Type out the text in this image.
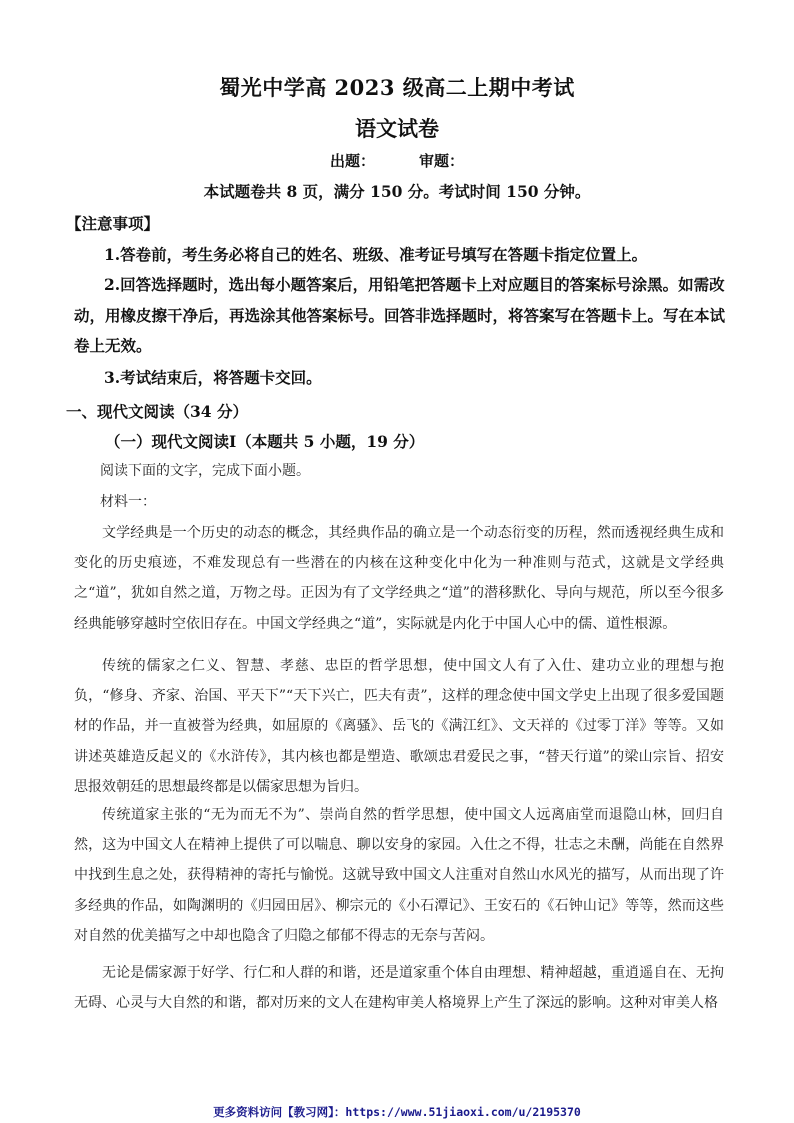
蜀光中学高 2023 级高二上期中考试
语文试卷
出题：	审题：
本试题卷共 8 页，满分 150 分。考试时间 150 分钟。
【注意事项】
1.答卷前，考生务必将自己的姓名、班级、准考证号填写在答题卡指定位置上。
2.回答选择题时，选出每小题答案后，用铅笔把答题卡上对应题目的答案标号涂黑。如需改动，用橡皮擦干净后，再选涂其他答案标号。回答非选择题时，将答案写在答题卡上。写在本试卷上无效。
3.考试结束后，将答题卡交回。
一、现代文阅读（34 分）
（一）现代文阅读Ⅰ（本题共 5 小题，19 分）
阅读下面的文字，完成下面小题。
材料一：
文学经典是一个历史的动态的概念，其经典作品的确立是一个动态衍变的历程，然而透视经典生成和变化的历史痕迹，不难发现总有一些潜在的内核在这种变化中化为一种准则与范式，这就是文学经典之“道”，犹如自然之道，万物之母。正因为有了文学经典之“道”的潜移默化、导向与规范，所以至今很多经典能够穿越时空依旧存在。中国文学经典之“道”，实际就是内化于中国人心中的儒、道性根源。
传统的儒家之仁义、智慧、孝慈、忠臣的哲学思想，使中国文人有了入仕、建功立业的理想与抱负，“修身、齐家、治国、平天下”“天下兴亡，匹夫有责”，这样的理念使中国文学史上出现了很多爱国题材的作品，并一直被誉为经典，如屈原的《离骚》、岳飞的《满江红》、文天祥的《过零丁洋》等等。又如讲述英雄造反起义的《水浒传》，其内核也都是塑造、歌颂忠君爱民之事，“替天行道”的梁山宗旨、招安思报效朝廷的思想最终都是以儒家思想为旨归。
传统道家主张的“无为而无不为”、崇尚自然的哲学思想，使中国文人远离庙堂而退隐山林，回归自然，这为中国文人在精神上提供了可以喘息、聊以安身的家园。入仕之不得，壮志之未酬，尚能在自然界中找到生息之处，获得精神的寄托与愉悦。这就导致中国文人注重对自然山水风光的描写，从而出现了许多经典的作品，如陶渊明的《归园田居》、柳宗元的《小石潭记》、王安石的《石钟山记》等等，然而这些对自然的优美描写之中却也隐含了归隐之郁郁不得志的无奈与苦闷。
无论是儒家源于好学、行仁和人群的和谐，还是道家重个体自由理想、精神超越，重逍遥自在、无拘无碍、心灵与大自然的和谐，都对历来的文人在建构审美人格境界上产生了深远的影响。这种对审美人格
更多资料访问【教习网】：https://www.51jiaoxi.com/u/2195370
